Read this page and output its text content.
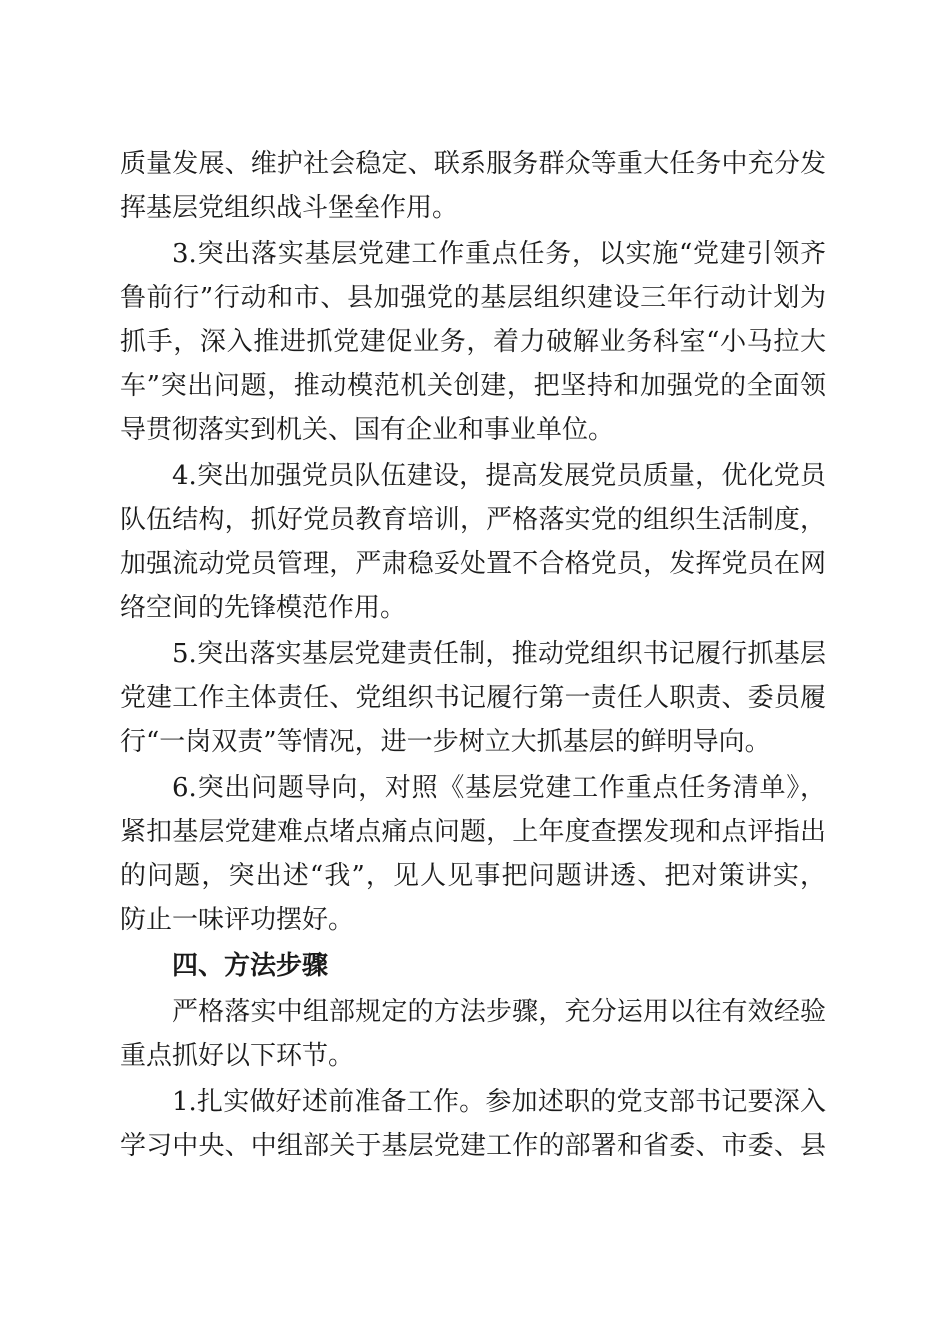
质量发展、维护社会稳定、联系服务群众等重大任务中充分发
挥基层党组织战斗堡垒作用。
3.突出落实基层党建工作重点任务，以实施“党建引领齐
鲁前行”行动和市、县加强党的基层组织建设三年行动计划为
抓手，深入推进抓党建促业务，着力破解业务科室“小马拉大
车”突出问题，推动模范机关创建，把坚持和加强党的全面领
导贯彻落实到机关、国有企业和事业单位。
4.突出加强党员队伍建设，提高发展党员质量，优化党员
队伍结构，抓好党员教育培训，严格落实党的组织生活制度，
加强流动党员管理，严肃稳妥处置不合格党员，发挥党员在网
络空间的先锋模范作用。
5.突出落实基层党建责任制，推动党组织书记履行抓基层
党建工作主体责任、党组织书记履行第一责任人职责、委员履
行“一岗双责”等情况，进一步树立大抓基层的鲜明导向。
6.突出问题导向，对照《基层党建工作重点任务清单》，
紧扣基层党建难点堵点痛点问题，上年度查摆发现和点评指出
的问题，突出述“我”，见人见事把问题讲透、把对策讲实，
防止一味评功摆好。
四、方法步骤
严格落实中组部规定的方法步骤，充分运用以往有效经验
重点抓好以下环节。
1.扎实做好述前准备工作。参加述职的党支部书记要深入
学习中央、中组部关于基层党建工作的部署和省委、市委、县
